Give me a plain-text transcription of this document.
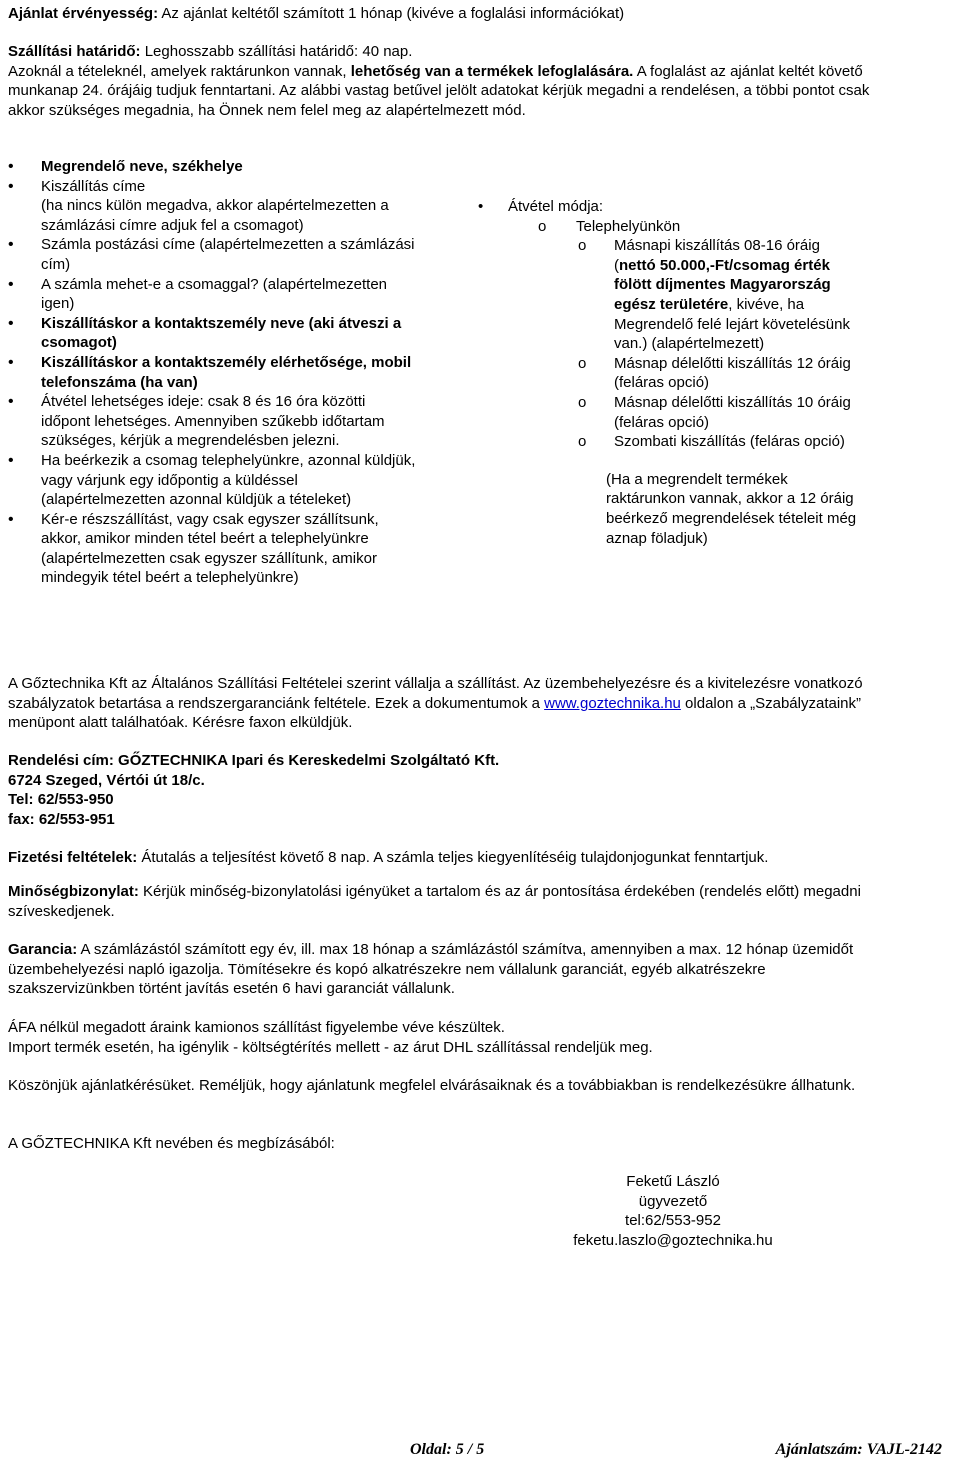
Ajánlat érvényesség: Az ajánlat keltétől számított 1 hónap (kivéve a foglalási információkat)
Szállítási határidő: Leghosszabb szállítási határidő: 40 nap.
Azoknál a tételeknél, amelyek raktárunkon vannak, lehetőség van a termékek lefoglalására. A foglalást az ajánlat keltét követő munkanap 24. órájáig tudjuk fenntartani. Az alábbi vastag betűvel jelölt adatokat kérjük megadni a rendelésen, a többi pontot csak akkor szükséges megadnia, ha Önnek nem felel meg az alapértelmezett mód.
• Megrendelő neve, székhelye
• Kiszállítás címe
(ha nincs külön megadva, akkor alapértelmezetten a számlázási címre adjuk fel a csomagot)
• Számla postázási címe (alapértelmezetten a számlázási cím)
• A számla mehet-e a csomaggal? (alapértelmezetten igen)
• Kiszállításkor a kontaktszemély neve (aki átveszi a csomagot)
• Kiszállításkor a kontaktszemély elérhetősége, mobil telefonszáma (ha van)
• Átvétel lehetséges ideje: csak 8 és 16 óra közötti időpont lehetséges. Amennyiben szűkebb időtartam szükséges, kérjük a megrendelésben jelezni.
• Ha beérkezik a csomag telephelyünkre, azonnal küldjük, vagy várjunk egy időpontig a küldéssel (alapértelmezetten azonnal küldjük a tételeket)
• Kér-e részszállítást, vagy csak egyszer szállítsunk, akkor, amikor minden tétel beért a telephelyünkre (alapértelmezetten csak egyszer szállítunk, amikor mindegyik tétel beért a telephelyünkre)
• Átvétel módja:
o Telephelyünkön
o Másnapi kiszállítás 08-16 óráig (nettó 50.000,-Ft/csomag érték fölött díjmentes Magyarország egész területére, kivéve, ha Megrendelő felé lejárt követelésünk van.) (alapértelmezett)
o Másnap délelőtti kiszállítás 12 óráig (feláras opció)
o Másnap délelőtti kiszállítás 10 óráig (feláras opció)
o Szombati kiszállítás (feláras opció)
(Ha a megrendelt termékek raktárunkon vannak, akkor a 12 óráig beérkező megrendelések tételeit még aznap föladjuk)
A Gőztechnika Kft az Általános Szállítási Feltételei szerint vállalja a szállítást. Az üzembehelyezésre és a kivitelezésre vonatkozó szabályzatok betartása a rendszergaranciánk feltétele. Ezek a dokumentumok a www.goztechnika.hu oldalon a „Szabályzataink” menüpont alatt találhatóak. Kérésre faxon elküldjük.
Rendelési cím: GŐZTECHNIKA Ipari és Kereskedelmi Szolgáltató Kft.
6724 Szeged, Vértói út 18/c.
Tel: 62/553-950
fax: 62/553-951
Fizetési feltételek: Átutalás a teljesítést követő 8 nap. A számla teljes kiegyenlítéséig tulajdonjogunkat fenntartjuk.
Minőségbizonylat: Kérjük minőség-bizonylatolási igényüket a tartalom és az ár pontosítása érdekében (rendelés előtt) megadni szíveskedjenek.
Garancia: A számlázástól számított egy év, ill. max 18 hónap a számlázástól számítva, amennyiben a max. 12 hónap üzemidőt üzembehelyezési napló igazolja. Tömítésekre és kopó alkatrészekre nem vállalunk garanciát, egyéb alkatrészekre szakszervizünkben történt javítás esetén 6 havi garanciát vállalunk.
ÁFA nélkül megadott áraink kamionos szállítást figyelembe véve készültek.
Import termék esetén, ha igénylik - költségtérítés mellett - az árut DHL szállítással rendeljük meg.
Köszönjük ajánlatkérésüket. Reméljük, hogy ajánlatunk megfelel elvárásaiknak és a továbbiakban is rendelkezésükre állhatunk.
A GŐZTECHNIKA Kft nevében és megbízásából:
Feketű László
ügyvezető
tel:62/553-952
feketu.laszlo@goztechnika.hu
Oldal: 5 / 5	Ajánlatszám: VAJL-2142
